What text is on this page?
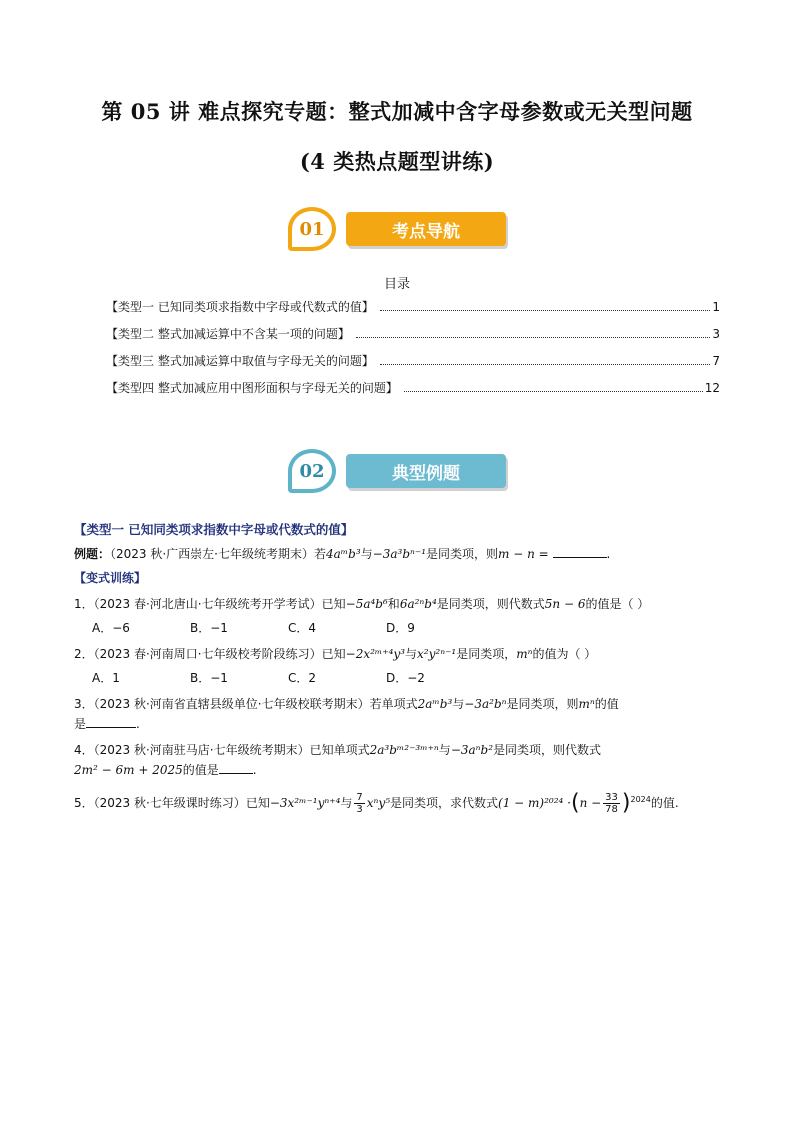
第 05 讲 难点探究专题：整式加减中含字母参数或无关型问题
(4 类热点题型讲练)
01	考点导航
目录
【类型一 已知同类项求指数中字母或代数式的值】	1
【类型二 整式加减运算中不含某一项的问题】	3
【类型三 整式加减运算中取值与字母无关的问题】	7
【类型四 整式加减应用中图形面积与字母无关的问题】	12
02	典型例题
【类型一 已知同类项求指数中字母或代数式的值】
例题：（2023 秋·广西崇左·七年级统考期末）若4aᵐb³与−3a³bⁿ⁻¹是同类项，则m − n =	.
【变式训练】
1．（2023 春·河北唐山·七年级统考开学考试）已知−5a⁴b⁶和6a²ⁿb⁴是同类项，则代数式5n − 6的值是（ ）
A．−6	B．−1	C．4	D．9
2．（2023 春·河南周口·七年级校考阶段练习）已知−2x²ᵐ⁺⁴y³与x²y²ⁿ⁻¹是同类项，mⁿ的值为（ ）
A．1	B．−1	C．2	D．−2
3．（2023 秋·河南省直辖县级单位·七年级校联考期末）若单项式2aᵐb³与−3a²bⁿ是同类项，则mⁿ的值
是	.
4．（2023 秋·河南驻马店·七年级统考期末）已知单项式2a³bᵐ²⁻³ᵐ⁺ⁿ与−3aⁿb²是同类项，则代数式
2m² − 6m + 2025的值是	.
5．（2023 秋·七年级课时练习）已知−3x²ᵐ⁻¹yⁿ⁺⁴与 $\frac{7}{3} x^ny^5$是同类项，求代数式$(1 - m)^{2024} \cdot(n - \frac{33}{78} )^{2024}$的值.
